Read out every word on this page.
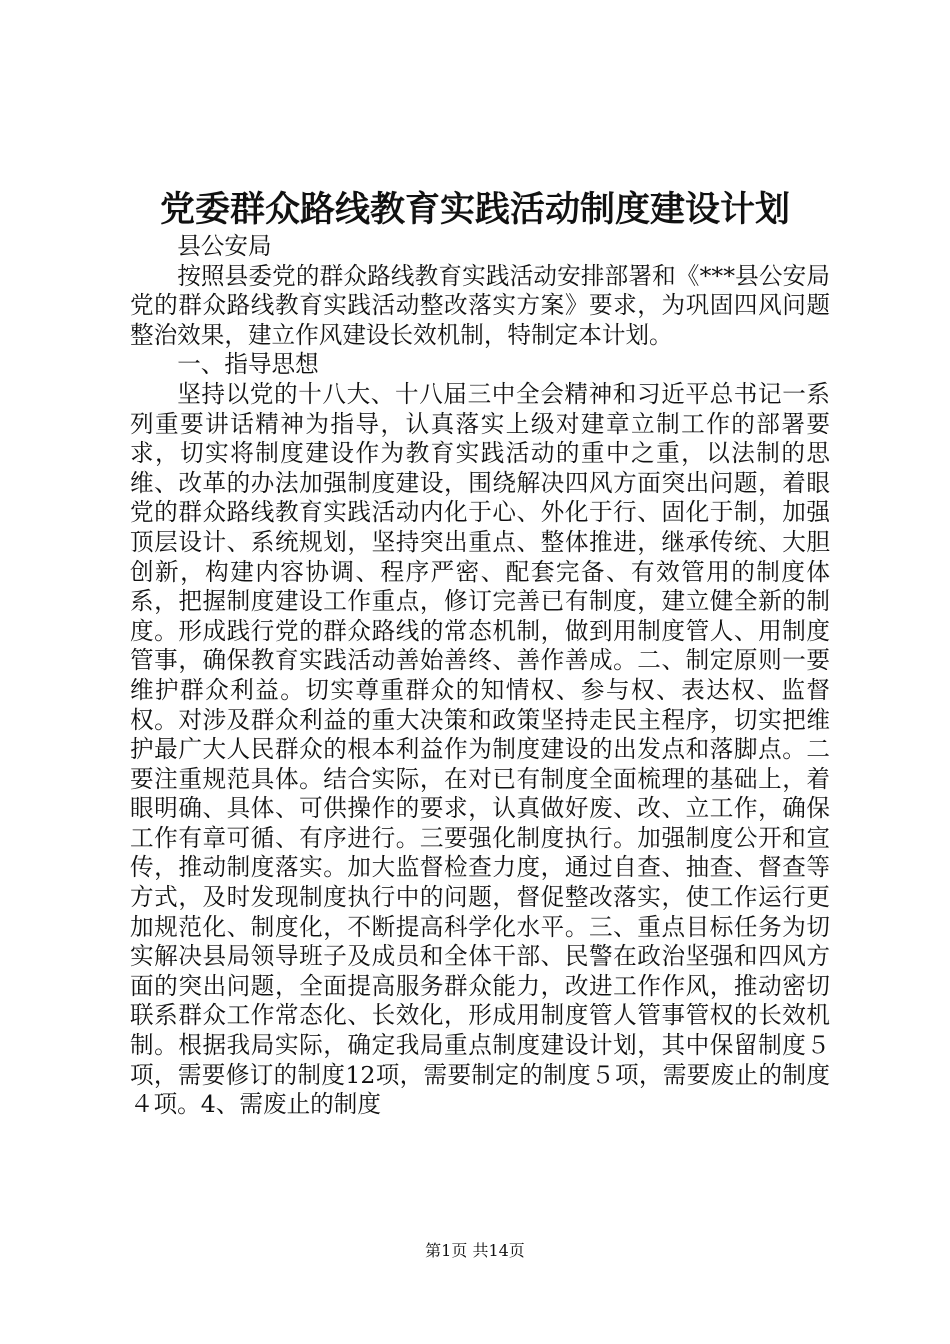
党委群众路线教育实践活动制度建设计划

县公安局

按照县委党的群众路线教育实践活动安排部署和《***县公安局党的群众路线教育实践活动整改落实方案》要求，为巩固四风问题整治效果，建立作风建设长效机制，特制定本计划。

一、指导思想

坚持以党的十八大、十八届三中全会精神和习近平总书记一系列重要讲话精神为指导，认真落实上级对建章立制工作的部署要求，切实将制度建设作为教育实践活动的重中之重，以法制的思维、改革的办法加强制度建设，围绕解决四风方面突出问题，着眼党的群众路线教育实践活动内化于心、外化于行、固化于制，加强顶层设计、系统规划，坚持突出重点、整体推进，继承传统、大胆创新，构建内容协调、程序严密、配套完备、有效管用的制度体系，把握制度建设工作重点，修订完善已有制度，建立健全新的制度。形成践行党的群众路线的常态机制，做到用制度管人、用制度管事，确保教育实践活动善始善终、善作善成。二、制定原则一要维护群众利益。切实尊重群众的知情权、参与权、表达权、监督权。对涉及群众利益的重大决策和政策坚持走民主程序，切实把维护最广大人民群众的根本利益作为制度建设的出发点和落脚点。二要注重规范具体。结合实际，在对已有制度全面梳理的基础上，着眼明确、具体、可供操作的要求，认真做好废、改、立工作，确保工作有章可循、有序进行。三要强化制度执行。加强制度公开和宣传，推动制度落实。加大监督检查力度，通过自查、抽查、督查等方式，及时发现制度执行中的问题，督促整改落实，使工作运行更加规范化、制度化，不断提高科学化水平。三、重点目标任务为切实解决县局领导班子及成员和全体干部、民警在政治坚强和四风方面的突出问题，全面提高服务群众能力，改进工作作风，推动密切联系群众工作常态化、长效化，形成用制度管人管事管权的长效机制。根据我局实际，确定我局重点制度建设计划，其中保留制度５项，需要修订的制度12项，需要制定的制度５项，需要废止的制度４项。4、需废止的制度

第1页 共14页
